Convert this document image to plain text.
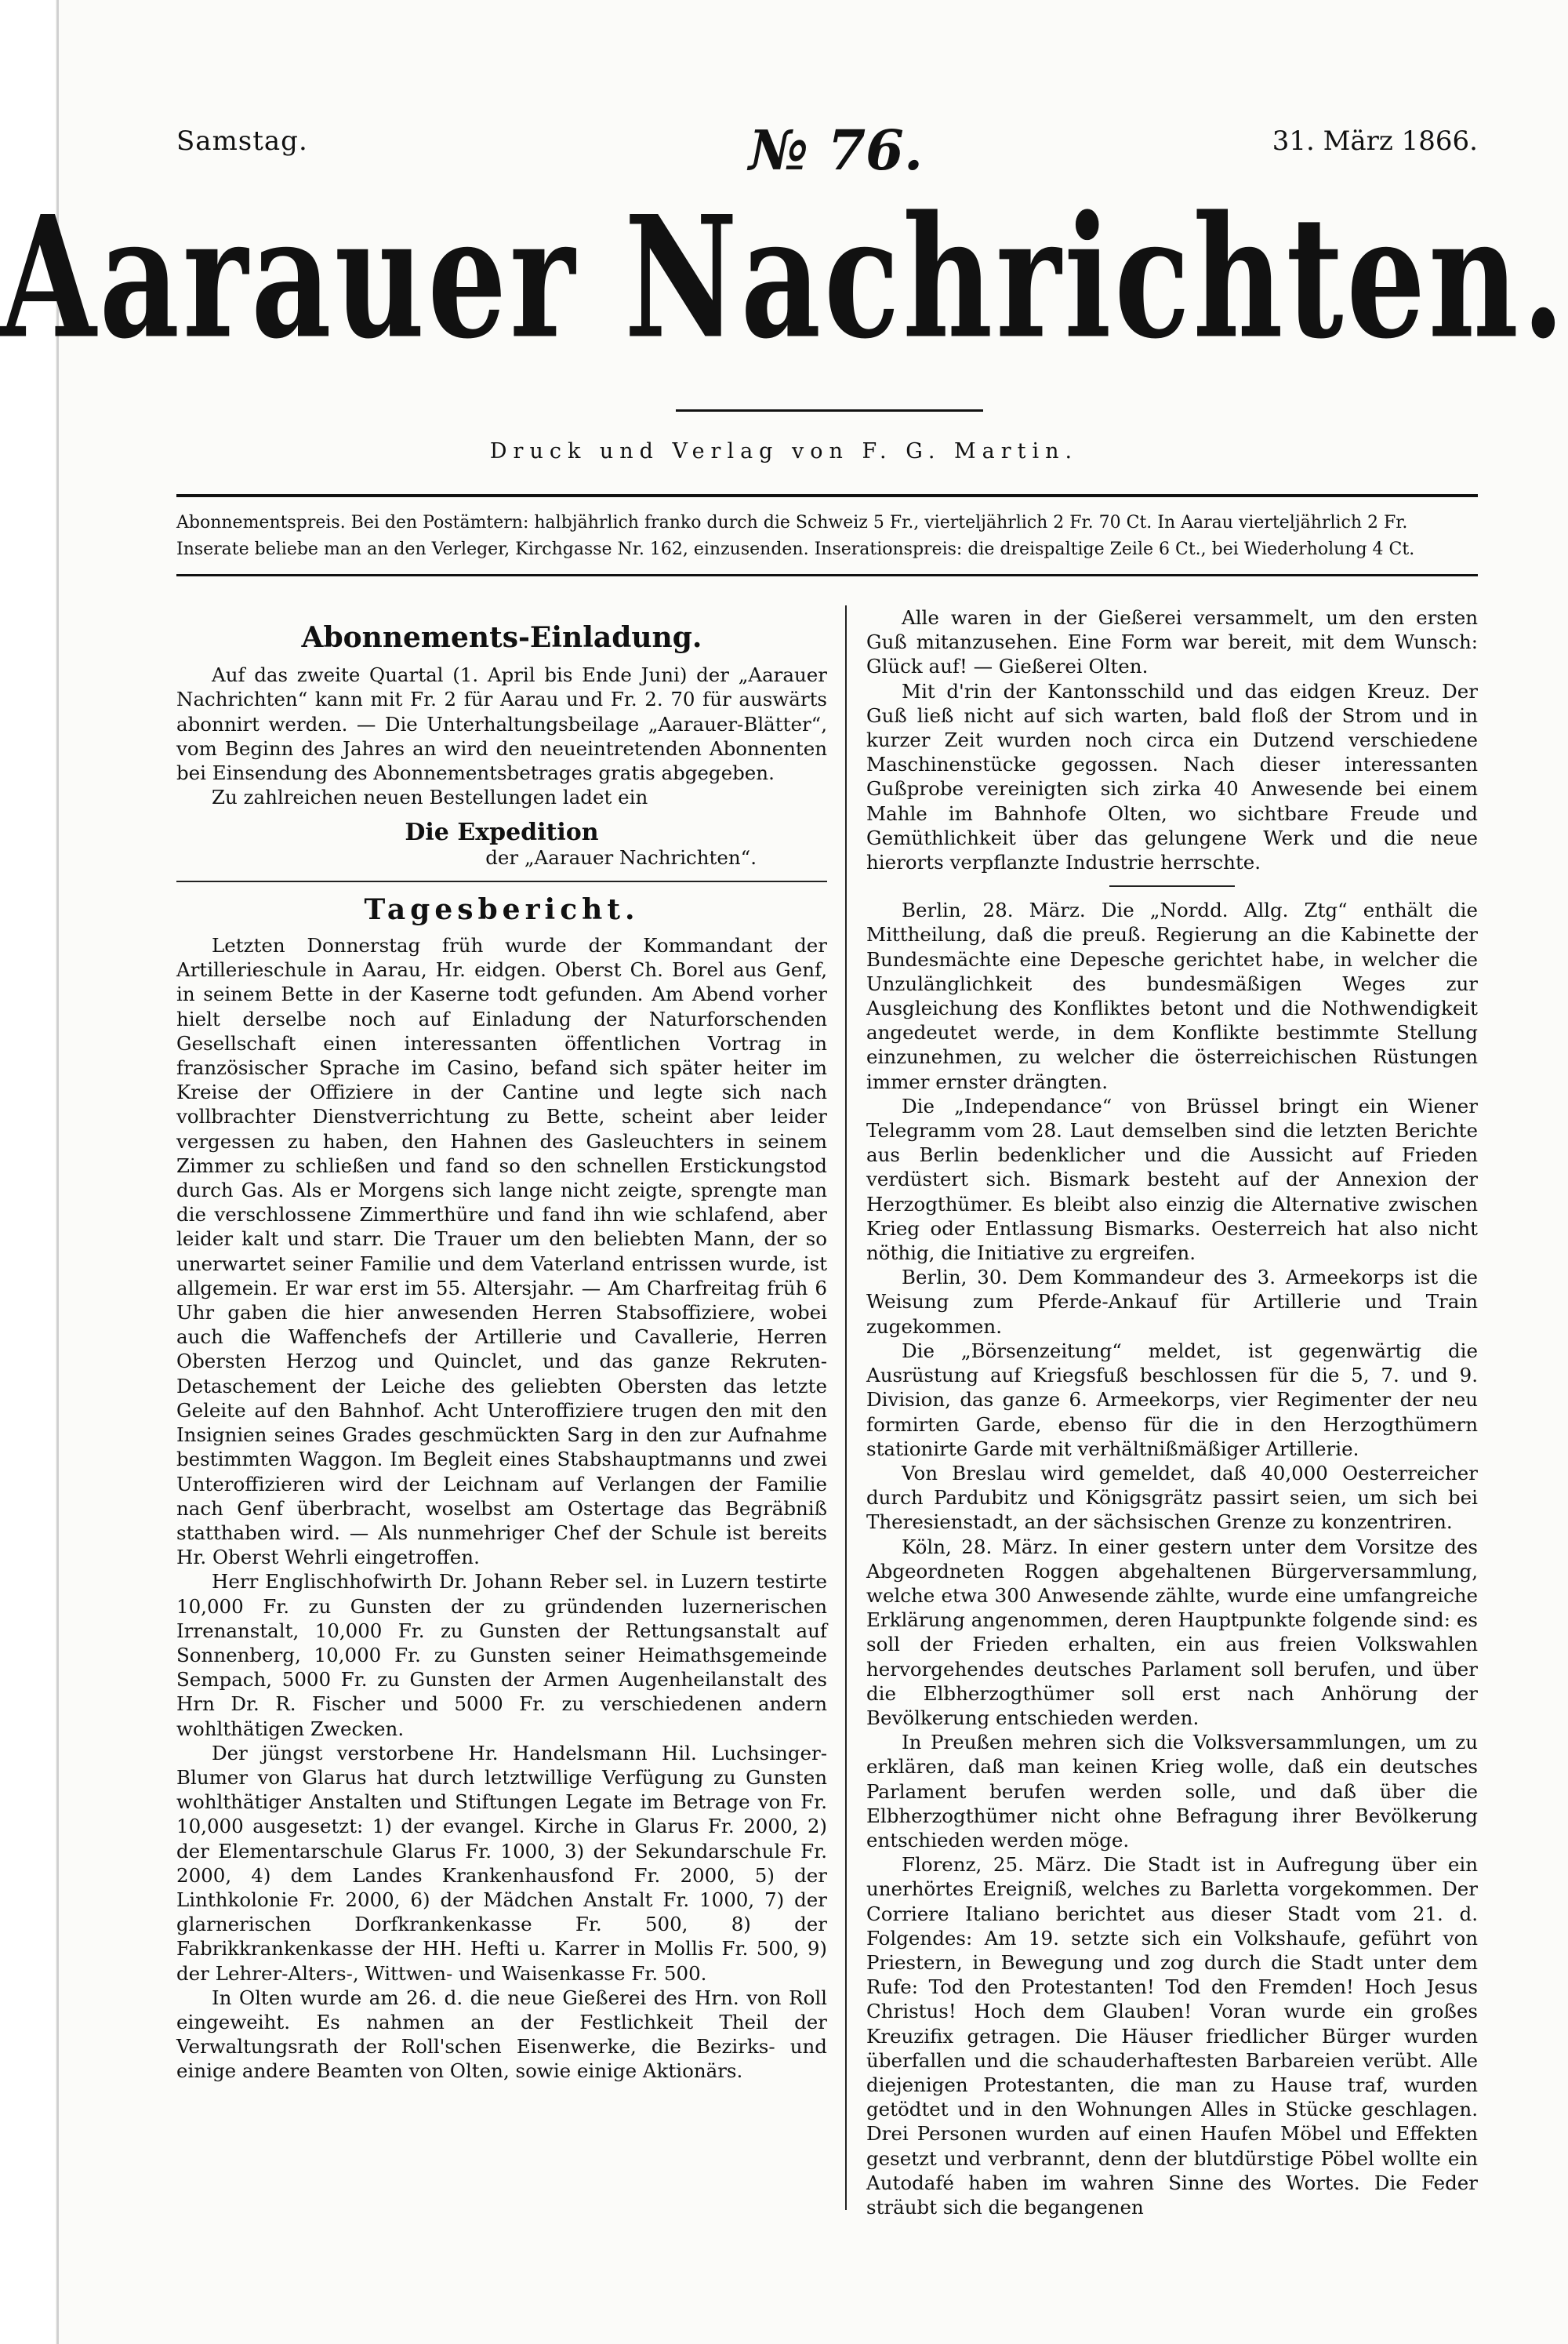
Samstag.	№ 76.	31. März 1866.
Aarauer Nachrichten.
Druck und Verlag von F. G. Martin.

Abonnementspreis. Bei den Postämtern: halbjährlich franko durch die Schweiz 5 Fr., vierteljährlich 2 Fr. 70 Ct. In Aarau vierteljährlich 2 Fr.

Inserate beliebe man an den Verleger, Kirchgasse Nr. 162, einzusenden. Inserationspreis: die dreispaltige Zeile 6 Ct., bei Wiederholung 4 Ct.

Abonnements-Einladung.

Auf das zweite Quartal (1. April bis Ende Juni) der „Aarauer Nachrichten“ kann mit Fr. 2 für Aarau und Fr. 2. 70 für auswärts abonnirt werden. — Die Unterhaltungsbeilage „Aarauer-Blätter“, vom Beginn des Jahres an wird den neueintretenden Abonnenten bei Einsendung des Abonnementsbetrages gratis abgegeben.

Zu zahlreichen neuen Bestellungen ladet ein

Die Expedition

der „Aarauer Nachrichten“.

Tagesbericht.

Letzten Donnerstag früh wurde der Kommandant der Artillerieschule in Aarau, Hr. eidgen. Oberst Ch. Borel aus Genf, in seinem Bette in der Kaserne todt gefunden. Am Abend vorher hielt derselbe noch auf Einladung der Naturforschenden Gesellschaft einen interessanten öffentlichen Vortrag in französischer Sprache im Casino, befand sich später heiter im Kreise der Offiziere in der Cantine und legte sich nach vollbrachter Dienstverrichtung zu Bette, scheint aber leider vergessen zu haben, den Hahnen des Gasleuchters in seinem Zimmer zu schließen und fand so den schnellen Erstickungstod durch Gas. Als er Morgens sich lange nicht zeigte, sprengte man die verschlossene Zimmerthüre und fand ihn wie schlafend, aber leider kalt und starr. Die Trauer um den beliebten Mann, der so unerwartet seiner Familie und dem Vaterland entrissen wurde, ist allgemein. Er war erst im 55. Altersjahr. — Am Charfreitag früh 6 Uhr gaben die hier anwesenden Herren Stabsoffiziere, wobei auch die Waffenchefs der Artillerie und Cavallerie, Herren Obersten Herzog und Quinclet, und das ganze Rekruten-Detaschement der Leiche des geliebten Obersten das letzte Geleite auf den Bahnhof. Acht Unteroffiziere trugen den mit den Insignien seines Grades geschmückten Sarg in den zur Aufnahme bestimmten Waggon. Im Begleit eines Stabshauptmanns und zwei Unteroffizieren wird der Leichnam auf Verlangen der Familie nach Genf überbracht, woselbst am Ostertage das Begräbniß statthaben wird. — Als nunmehriger Chef der Schule ist bereits Hr. Oberst Wehrli eingetroffen.

Herr Englischhofwirth Dr. Johann Reber sel. in Luzern testirte 10,000 Fr. zu Gunsten der zu gründenden luzernerischen Irrenanstalt, 10,000 Fr. zu Gunsten der Rettungsanstalt auf Sonnenberg, 10,000 Fr. zu Gunsten seiner Heimathsgemeinde Sempach, 5000 Fr. zu Gunsten der Armen Augenheilanstalt des Hrn Dr. R. Fischer und 5000 Fr. zu verschiedenen andern wohlthätigen Zwecken.

Der jüngst verstorbene Hr. Handelsmann Hil. Luchsinger-Blumer von Glarus hat durch letztwillige Verfügung zu Gunsten wohlthätiger Anstalten und Stiftungen Legate im Betrage von Fr. 10,000 ausgesetzt: 1) der evangel. Kirche in Glarus Fr. 2000, 2) der Elementarschule Glarus Fr. 1000, 3) der Sekundarschule Fr. 2000, 4) dem Landes Krankenhausfond Fr. 2000, 5) der Linthkolonie Fr. 2000, 6) der Mädchen Anstalt Fr. 1000, 7) der glarnerischen Dorfkrankenkasse Fr. 500, 8) der Fabrikkrankenkasse der HH. Hefti u. Karrer in Mollis Fr. 500, 9) der Lehrer-Alters-, Wittwen- und Waisenkasse Fr. 500.

In Olten wurde am 26. d. die neue Gießerei des Hrn. von Roll eingeweiht. Es nahmen an der Festlichkeit Theil der Verwaltungsrath der Roll'schen Eisenwerke, die Bezirks- und einige andere Beamten von Olten, sowie einige Aktionärs.

Alle waren in der Gießerei versammelt, um den ersten Guß mitanzusehen. Eine Form war bereit, mit dem Wunsch: Glück auf! — Gießerei Olten.

Mit d'rin der Kantonsschild und das eidgen Kreuz. Der Guß ließ nicht auf sich warten, bald floß der Strom und in kurzer Zeit wurden noch circa ein Dutzend verschiedene Maschinenstücke gegossen. Nach dieser interessanten Gußprobe vereinigten sich zirka 40 Anwesende bei einem Mahle im Bahnhofe Olten, wo sichtbare Freude und Gemüthlichkeit über das gelungene Werk und die neue hierorts verpflanzte Industrie herrschte.

Berlin, 28. März. Die „Nordd. Allg. Ztg“ enthält die Mittheilung, daß die preuß. Regierung an die Kabinette der Bundesmächte eine Depesche gerichtet habe, in welcher die Unzulänglichkeit des bundesmäßigen Weges zur Ausgleichung des Konfliktes betont und die Nothwendigkeit angedeutet werde, in dem Konflikte bestimmte Stellung einzunehmen, zu welcher die österreichischen Rüstungen immer ernster drängten.

Die „Independance“ von Brüssel bringt ein Wiener Telegramm vom 28. Laut demselben sind die letzten Berichte aus Berlin bedenklicher und die Aussicht auf Frieden verdüstert sich. Bismark besteht auf der Annexion der Herzogthümer. Es bleibt also einzig die Alternative zwischen Krieg oder Entlassung Bismarks. Oesterreich hat also nicht nöthig, die Initiative zu ergreifen.

Berlin, 30. Dem Kommandeur des 3. Armeekorps ist die Weisung zum Pferde-Ankauf für Artillerie und Train zugekommen.

Die „Börsenzeitung“ meldet, ist gegenwärtig die Ausrüstung auf Kriegsfuß beschlossen für die 5, 7. und 9. Division, das ganze 6. Armeekorps, vier Regimenter der neu formirten Garde, ebenso für die in den Herzogthümern stationirte Garde mit verhältnißmäßiger Artillerie.

Von Breslau wird gemeldet, daß 40,000 Oesterreicher durch Pardubitz und Königsgrätz passirt seien, um sich bei Theresienstadt, an der sächsischen Grenze zu konzentriren.

Köln, 28. März. In einer gestern unter dem Vorsitze des Abgeordneten Roggen abgehaltenen Bürgerversammlung, welche etwa 300 Anwesende zählte, wurde eine umfangreiche Erklärung angenommen, deren Hauptpunkte folgende sind: es soll der Frieden erhalten, ein aus freien Volkswahlen hervorgehendes deutsches Parlament soll berufen, und über die Elbherzogthümer soll erst nach Anhörung der Bevölkerung entschieden werden.

In Preußen mehren sich die Volksversammlungen, um zu erklären, daß man keinen Krieg wolle, daß ein deutsches Parlament berufen werden solle, und daß über die Elbherzogthümer nicht ohne Befragung ihrer Bevölkerung entschieden werden möge.

Florenz, 25. März. Die Stadt ist in Aufregung über ein unerhörtes Ereigniß, welches zu Barletta vorgekommen. Der Corriere Italiano berichtet aus dieser Stadt vom 21. d. Folgendes: Am 19. setzte sich ein Volkshaufe, geführt von Priestern, in Bewegung und zog durch die Stadt unter dem Rufe: Tod den Protestanten! Tod den Fremden! Hoch Jesus Christus! Hoch dem Glauben! Voran wurde ein großes Kreuzifix getragen. Die Häuser friedlicher Bürger wurden überfallen und die schauderhaftesten Barbareien verübt. Alle diejenigen Protestanten, die man zu Hause traf, wurden getödtet und in den Wohnungen Alles in Stücke geschlagen. Drei Personen wurden auf einen Haufen Möbel und Effekten gesetzt und verbrannt, denn der blutdürstige Pöbel wollte ein Autodafé haben im wahren Sinne des Wortes. Die Feder sträubt sich die begangenen
